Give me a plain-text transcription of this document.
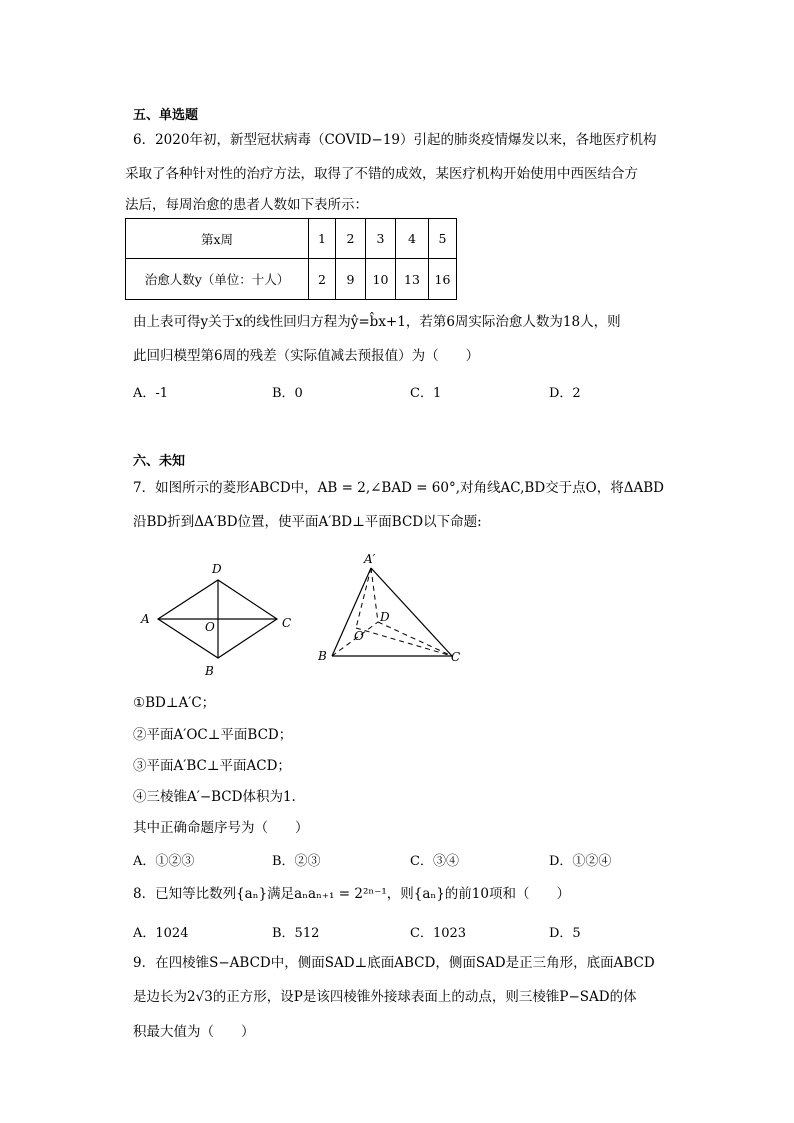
五、单选题
6．2020年初，新型冠状病毒（COVID−19）引起的肺炎疫情爆发以来，各地医疗机构
采取了各种针对性的治疗方法，取得了不错的成效，某医疗机构开始使用中西医结合方
法后，每周治愈的患者人数如下表所示：
第x周	1	2	3	4	5
治愈人数y（单位：十人）	2	9	10	13	16
由上表可得y关于x的线性回归方程为ŷ=b̂x+1，若第6周实际治愈人数为18人，则
此回归模型第6周的残差（实际值减去预报值）为（　　）
A．-1	B．0	C．1	D．2
六、未知
7．如图所示的菱形ABCD中，AB = 2,∠BAD = 60°,对角线AC,BD交于点O，将ΔABD
沿BD折到ΔA′BD位置，使平面A′BD⊥平面BCD以下命题:
A
D
C
B
O
A′
D
O
B	C
①BD⊥A′C；
②平面A′OC⊥平面BCD；
③平面A′BC⊥平面ACD；
④三棱锥A′−BCD体积为1.
其中正确命题序号为（　　）
A．①②③	B．②③	C．③④	D．①②④
8．已知等比数列{aₙ}满足aₙaₙ₊₁ = 2²ⁿ⁻¹，则{aₙ}的前10项和（　　）
A．1024	B．512	C．1023	D．5
9．在四棱锥S−ABCD中，侧面SAD⊥底面ABCD，侧面SAD是正三角形，底面ABCD
是边长为2√3的正方形，设P是该四棱锥外接球表面上的动点，则三棱锥P−SAD的体
积最大值为（　　）
